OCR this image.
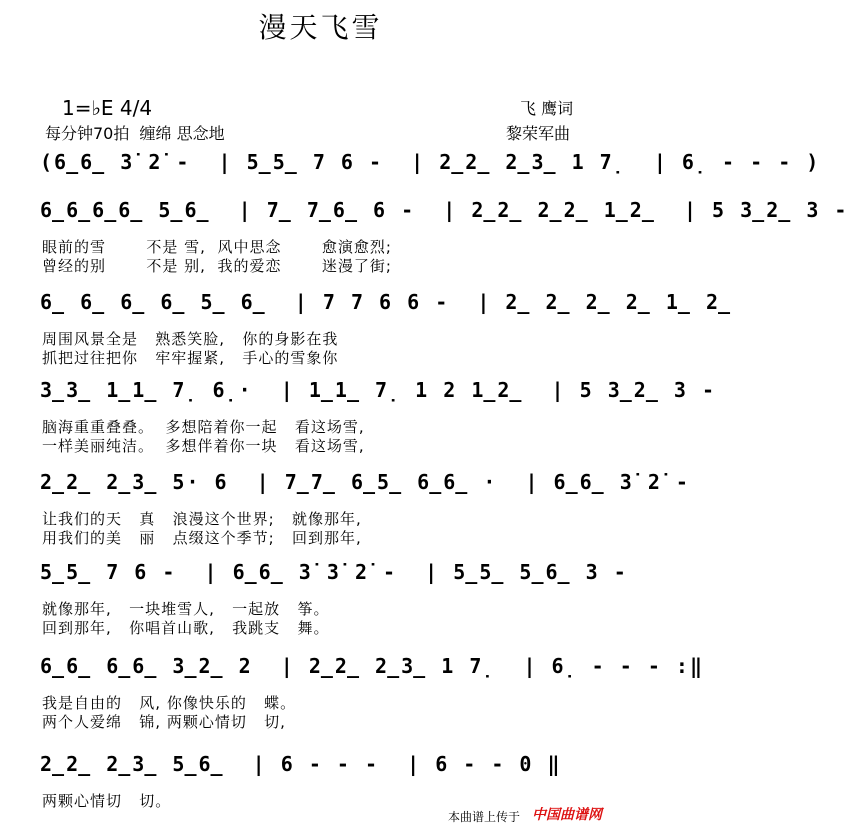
漫天飞雪
1=♭E 4/4
每分钟70拍  缠绵 思念地
飞 鹰词
黎荣军曲
(6̲6̲ 3̇ 2̇ -  | 5̲5̲ 7 6 -  | 2̲2̲ 2̲3̲ 1 7̣  | 6̣ - - - )
6̲6̲6̲6̲ 5̲6̲  | 7̲ 7̲6̲ 6 -  | 2̲2̲ 2̲2̲ 1̲2̲  | 5 3̲2̲ 3 -
眼前的雪       不是 雪,  风中思念       愈演愈烈;
曾经的别       不是 别,  我的爱恋       迷漫了街;
6̲ 6̲ 6̲ 6̲ 5̲ 6̲  | 7 7 6 6 -  | 2̲ 2̲ 2̲ 2̲ 1̲ 2̲
周围风景全是   熟悉笑脸,   你的身影在我
抓把过往把你   牢牢握紧,   手心的雪象你
3̲3̲ 1̲1̲ 7̣ 6̣·  | 1̲1̲ 7̣ 1 2 1̲2̲  | 5 3̲2̲ 3 -
脑海重重叠叠。  多想陪着你一起   看这场雪,
一样美丽纯洁。  多想伴着你一块   看这场雪,
2̲2̲ 2̲3̲ 5· 6  | 7̲7̲ 6̲5̲ 6̲6̲ ·  | 6̲6̲ 3̇ 2̇ -
让我们的天   真   浪漫这个世界;   就像那年,
用我们的美   丽   点缀这个季节;   回到那年,
5̲5̲ 7 6 -  | 6̲6̲ 3̇ 3̇ 2̇ -  | 5̲5̲ 5̲6̲ 3 -
就像那年,   一块堆雪人,   一起放   筝。
回到那年,   你唱首山歌,   我跳支   舞。
6̲6̲ 6̲6̲ 3̲2̲ 2  | 2̲2̲ 2̲3̲ 1 7̣  | 6̣ - - - :‖
我是自由的   风, 你像快乐的   蝶。
两个人爱绵   锦, 两颗心情切   切,
2̲2̲ 2̲3̲ 5̲6̲  | 6 - - -  | 6 - - 0 ‖
两颗心情切   切。
本曲谱上传于 中国曲谱网
